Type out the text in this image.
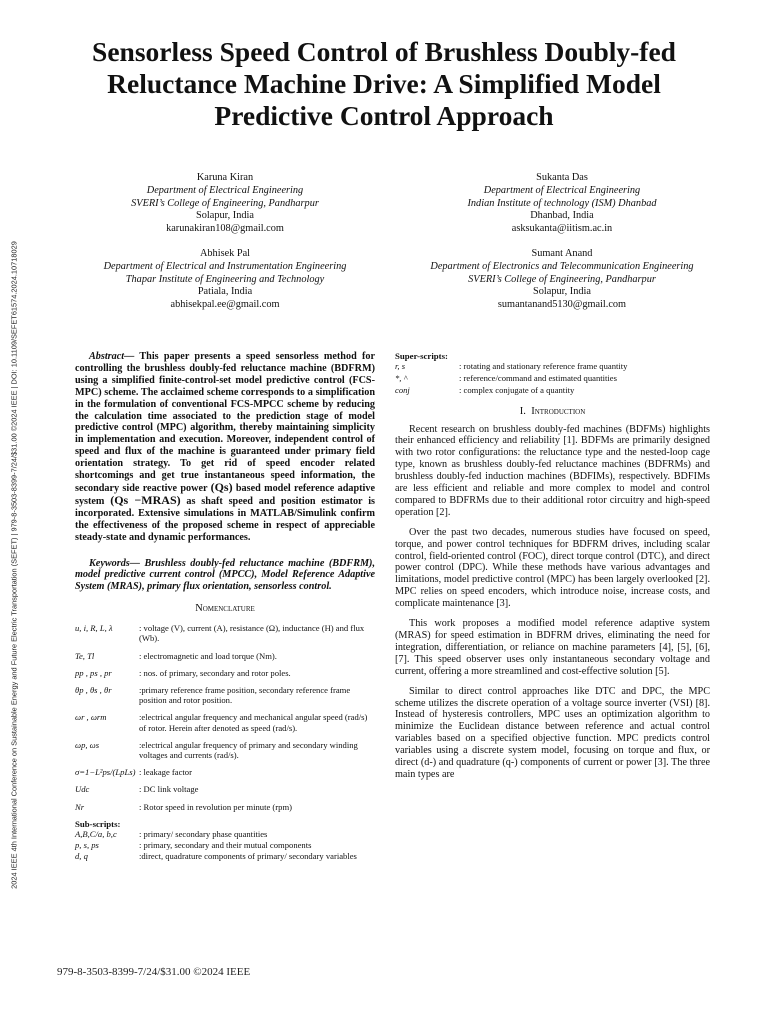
2024 IEEE 4th International Conference on Sustainable Energy and Future Electric Transportation (SEFET) | 979-8-3503-8399-7/24/$31.00 ©2024 IEEE | DOI: 10.1109/SEFET61574.2024.10718029
Sensorless Speed Control of Brushless Doubly-fed Reluctance Machine Drive: A Simplified Model Predictive Control Approach
Karuna Kiran
Department of Electrical Engineering
SVERI’s College of Engineering, Pandharpur
Solapur, India
karunakiran108@gmail.com
Sukanta Das
Department of Electrical Engineering
Indian Institute of technology (ISM) Dhanbad
Dhanbad, India
asksukanta@iitism.ac.in
Abhisek Pal
Department of Electrical and Instrumentation Engineering
Thapar Institute of Engineering and Technology
Patiala, India
abhisekpal.ee@gmail.com
Sumant Anand
Department of Electronics and Telecommunication Engineering
SVERI’s College of Engineering, Pandharpur
Solapur, India
sumantanand5130@gmail.com
Abstract— This paper presents a speed sensorless method for controlling the brushless doubly-fed reluctance machine (BDFRM) using a simplified finite-control-set model predictive control (FCS-MPC) scheme. The acclaimed scheme corresponds to a simplification in the formulation of conventional FCS-MPCC scheme by reducing the calculation time associated to the prediction stage of model predictive control (MPC) algorithm, thereby maintaining simplicity in implementation and execution. Moreover, independent control of speed and flux of the machine is guaranteed under primary field orientation strategy. To get rid of speed encoder related shortcomings and get true instantaneous speed information, the secondary side reactive power (Qs) based model reference adaptive system (Qs −MRAS) as shaft speed and position estimator is incorporated. Extensive simulations in MATLAB/Simulink confirm the effectiveness of the proposed scheme in respect of appreciable steady-state and dynamic performances.
Keywords— Brushless doubly-fed reluctance machine (BDFRM), model predictive current control (MPCC), Model Reference Adaptive System (MRAS), primary flux orientation, sensorless control.
Nomenclature
u, i, R, L, λ	: voltage (V), current (A), resistance (Ω), inductance (H) and flux (Wb).
Te, Tl	: electromagnetic and load torque (Nm).
pp , ps , pr	: nos. of primary, secondary and rotor poles.
θp , θs , θr	:primary reference frame position, secondary reference frame position and rotor position.
ωr , ωrm	:electrical angular frequency and mechanical angular speed (rad/s) of rotor. Herein after denoted as speed (rad/s).
ωp, ωs	:electrical angular frequency of primary and secondary winding voltages and currents (rad/s).
σ=1−L²ps/(LpLs) : leakage factor
Udc	: DC link voltage
Nr	: Rotor speed in revolution per minute (rpm)
Sub-scripts:
A,B,C/a, b,c	: primary/ secondary phase quantities
p, s, ps	: primary, secondary and their mutual components
d, q	:direct, quadrature components of primary/ secondary variables
Super-scripts:
r, s	: rotating and stationary reference frame quantity
*, ^	: reference/command and estimated quantities
conj	: complex conjugate of a quantity
I. Introduction
Recent research on brushless doubly-fed machines (BDFMs) highlights their enhanced efficiency and reliability [1]. BDFMs are primarily designed with two rotor configurations: the reluctance type and the nested-loop cage type, known as brushless doubly-fed reluctance machines (BDFRMs) and brushless doubly-fed induction machines (BDFIMs), respectively. BDFIMs are less efficient and reliable and more complex to model and control compared to BDFRMs due to their additional rotor circuitry and high-speed operation [2].
Over the past two decades, numerous studies have focused on speed, torque, and power control techniques for BDFRM drives, including scalar control, field-oriented control (FOC), direct torque control (DTC), and direct power control (DPC). While these methods have various advantages and limitations, model predictive control (MPC) has been largely overlooked [2]. MPC relies on speed encoders, which introduce noise, increase costs, and complicate maintenance [3].
This work proposes a modified model reference adaptive system (MRAS) for speed estimation in BDFRM drives, eliminating the need for integration, differentiation, or reliance on machine parameters [4], [5], [6], [7]. This speed observer uses only instantaneous secondary voltage and current, offering a more streamlined and cost-effective solution [5].
Similar to direct control approaches like DTC and DPC, the MPC scheme utilizes the discrete operation of a voltage source inverter (VSI) [8]. Instead of hysteresis controllers, MPC uses an optimization algorithm to minimize the Euclidean distance between reference and actual control variables based on a specified objective function. MPC predicts control variables using a discrete system model, focusing on torque and flux, or direct (d-) and quadrature (q-) components of current or power [3]. The three main types are
979-8-3503-8399-7/24/$31.00 ©2024 IEEE
